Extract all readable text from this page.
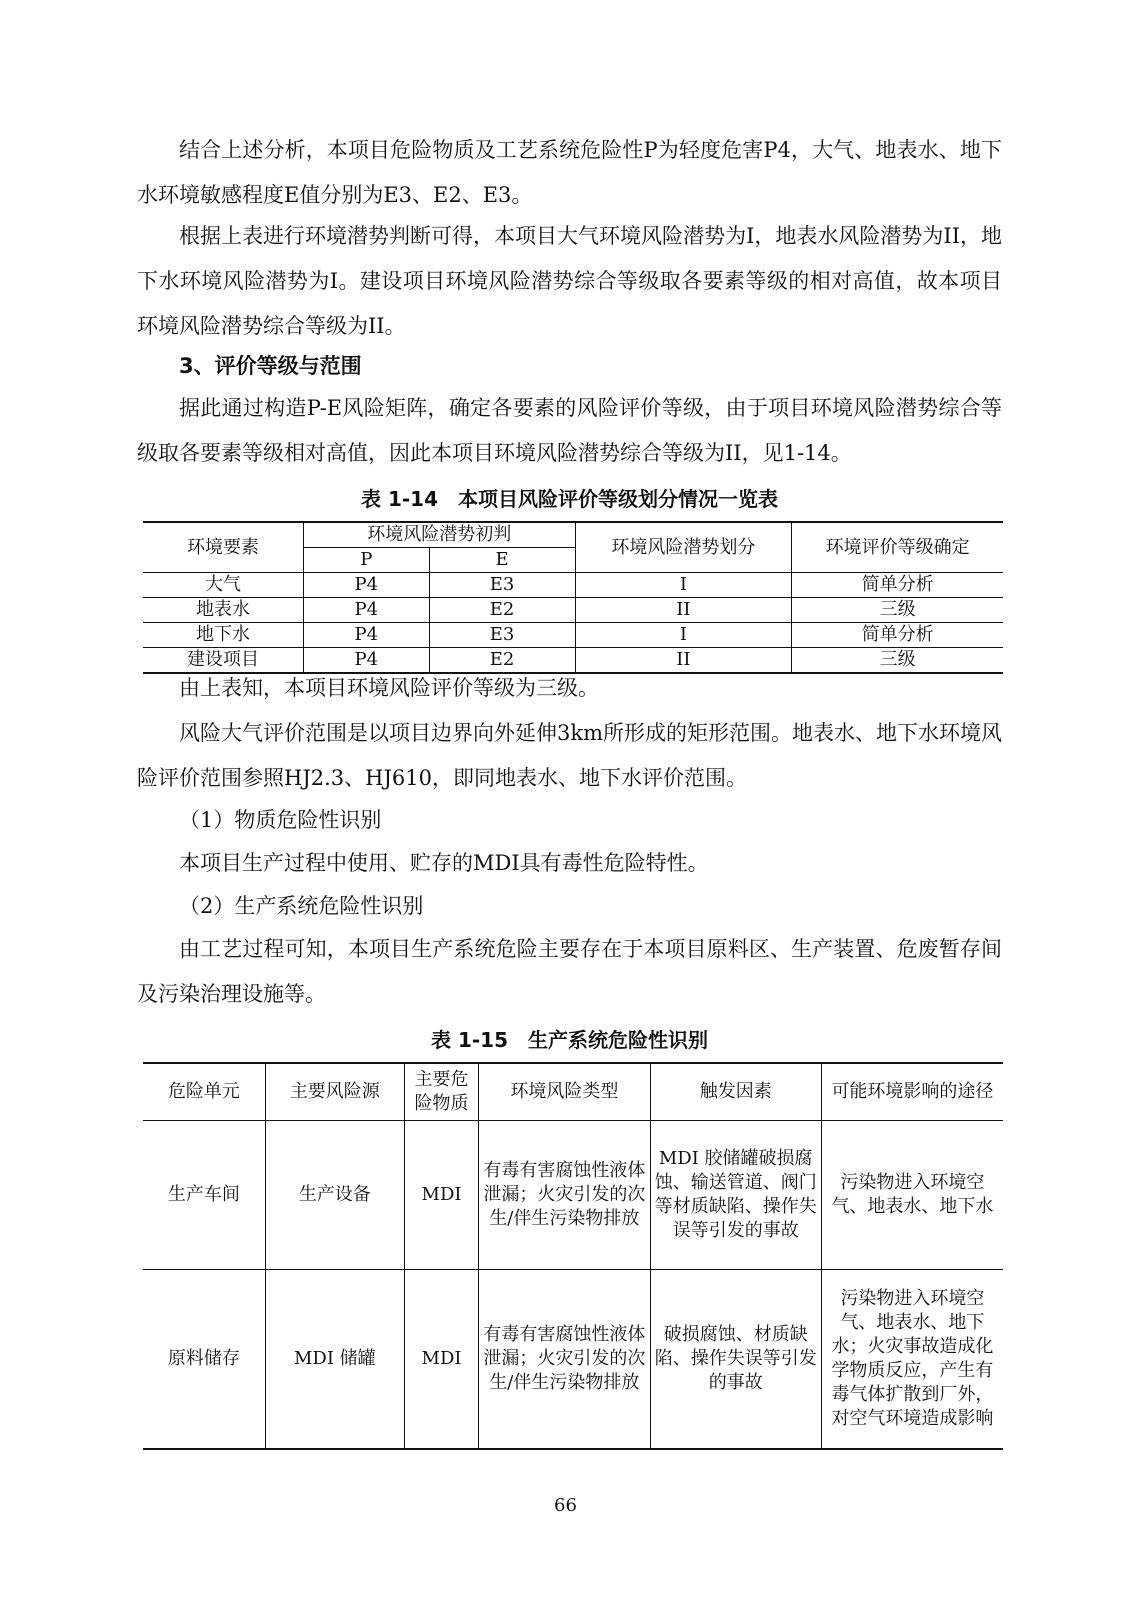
结合上述分析，本项目危险物质及工艺系统危险性P为轻度危害P4，大气、地表水、地下水环境敏感程度E值分别为E3、E2、E3。
根据上表进行环境潜势判断可得，本项目大气环境风险潜势为I，地表水风险潜势为II，地下水环境风险潜势为I。建设项目环境风险潜势综合等级取各要素等级的相对高值，故本项目环境风险潜势综合等级为II。
3、评价等级与范围
据此通过构造P-E风险矩阵，确定各要素的风险评价等级，由于项目环境风险潜势综合等级取各要素等级相对高值，因此本项目环境风险潜势综合等级为II，见1-14。
表 1-14　本项目风险评价等级划分情况一览表
环境要素	环境风险潜势初判		环境风险潜势划分	环境评价等级确定
	P	E		
大气	P4	E3	I	简单分析
地表水	P4	E2	II	三级
地下水	P4	E3	I	简单分析
建设项目	P4	E2	II	三级
由上表知，本项目环境风险评价等级为三级。
风险大气评价范围是以项目边界向外延伸3km所形成的矩形范围。地表水、地下水环境风险评价范围参照HJ2.3、HJ610，即同地表水、地下水评价范围。
（1）物质危险性识别
本项目生产过程中使用、贮存的MDI具有毒性危险特性。
（2）生产系统危险性识别
由工艺过程可知，本项目生产系统危险主要存在于本项目原料区、生产装置、危废暂存间及污染治理设施等。
表 1-15　生产系统危险性识别
危险单元	主要风险源	主要危险物质	环境风险类型	触发因素	可能环境影响的途径
生产车间	生产设备	MDI	有毒有害腐蚀性液体泄漏；火灾引发的次生/伴生污染物排放	MDI 胶储罐破损腐蚀、输送管道、阀门等材质缺陷、操作失误等引发的事故	污染物进入环境空气、地表水、地下水
原料储存	MDI 储罐	MDI	有毒有害腐蚀性液体泄漏；火灾引发的次生/伴生污染物排放	破损腐蚀、材质缺陷、操作失误等引发的事故	污染物进入环境空气、地表水、地下水；火灾事故造成化学物质反应，产生有毒气体扩散到厂外，对空气环境造成影响
66
